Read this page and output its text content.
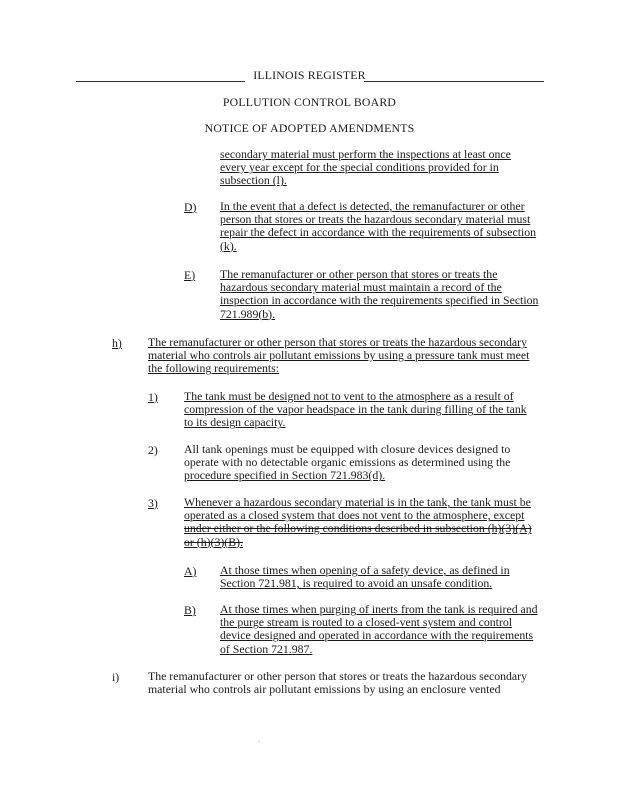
ILLINOIS REGISTER
POLLUTION CONTROL BOARD
NOTICE OF ADOPTED AMENDMENTS
secondary material must perform the inspections at least once
every year except for the special conditions provided for in
subsection (l).
D) In the event that a defect is detected, the remanufacturer or other
person that stores or treats the hazardous secondary material must
repair the defect in accordance with the requirements of subsection
(k).
E) The remanufacturer or other person that stores or treats the
hazardous secondary material must maintain a record of the
inspection in accordance with the requirements specified in Section
721.989(b).
h) The remanufacturer or other person that stores or treats the hazardous secondary
material who controls air pollutant emissions by using a pressure tank must meet
the following requirements:
1) The tank must be designed not to vent to the atmosphere as a result of
compression of the vapor headspace in the tank during filling of the tank
to its design capacity.
2) All tank openings must be equipped with closure devices designed to
operate with no detectable organic emissions as determined using the
procedure specified in Section 721.983(d).
3) Whenever a hazardous secondary material is in the tank, the tank must be
operated as a closed system that does not vent to the atmosphere, except
under either or the following conditions described in subsection (h)(3)(A)
or (h)(3)(B).
A) At those times when opening of a safety device, as defined in
Section 721.981, is required to avoid an unsafe condition.
B) At those times when purging of inerts from the tank is required and
the purge stream is routed to a closed-vent system and control
device designed and operated in accordance with the requirements
of Section 721.987.
i) The remanufacturer or other person that stores or treats the hazardous secondary
material who controls air pollutant emissions by using an enclosure vented
